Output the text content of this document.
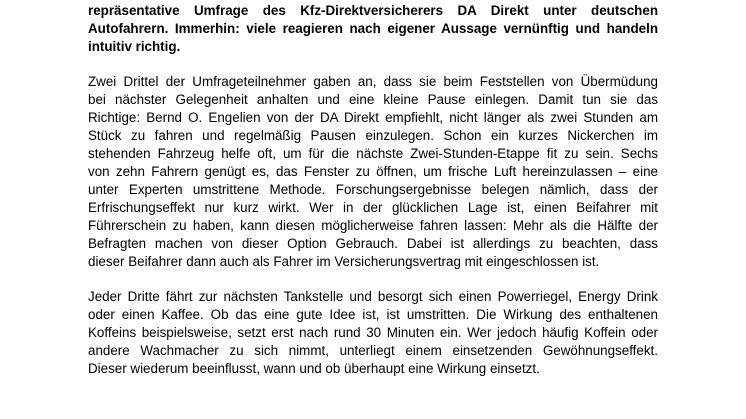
repräsentative Umfrage des Kfz-Direktversicherers DA Direkt unter deutschen
Autofahrern. Immerhin: viele reagieren nach eigener Aussage vernünftig und handeln
intuitiv richtig.
Zwei Drittel der Umfrageteilnehmer gaben an, dass sie beim Feststellen von Übermüdung
bei nächster Gelegenheit anhalten und eine kleine Pause einlegen. Damit tun sie das
Richtige: Bernd O. Engelien von der DA Direkt empfiehlt, nicht länger als zwei Stunden am
Stück zu fahren und regelmäßig Pausen einzulegen. Schon ein kurzes Nickerchen im
stehenden Fahrzeug helfe oft, um für die nächste Zwei-Stunden-Etappe fit zu sein. Sechs
von zehn Fahrern genügt es, das Fenster zu öffnen, um frische Luft hereinzulassen – eine
unter Experten umstrittene Methode. Forschungsergebnisse belegen nämlich, dass der
Erfrischungseffekt nur kurz wirkt. Wer in der glücklichen Lage ist, einen Beifahrer mit
Führerschein zu haben, kann diesen möglicherweise fahren lassen: Mehr als die Hälfte der
Befragten machen von dieser Option Gebrauch. Dabei ist allerdings zu beachten, dass
dieser Beifahrer dann auch als Fahrer im Versicherungsvertrag mit eingeschlossen ist.
Jeder Dritte fährt zur nächsten Tankstelle und besorgt sich einen Powerriegel, Energy Drink
oder einen Kaffee. Ob das eine gute Idee ist, ist umstritten. Die Wirkung des enthaltenen
Koffeins beispielsweise, setzt erst nach rund 30 Minuten ein. Wer jedoch häufig Koffein oder
andere Wachmacher zu sich nimmt, unterliegt einem einsetzenden Gewöhnungseffekt.
Dieser wiederum beeinflusst, wann und ob überhaupt eine Wirkung einsetzt.
